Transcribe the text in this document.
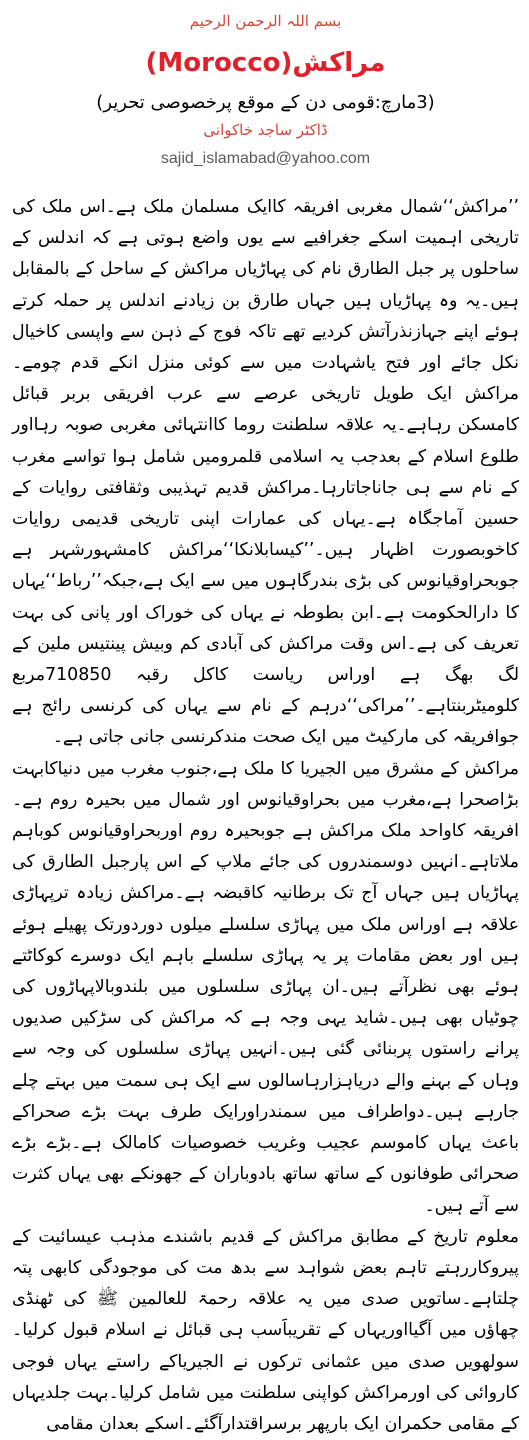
بسم اللہ الرحمن الرحیم
مراکش(Morocco)
(3مارچ:قومی دن کے موقع پرخصوصی تحریر)
ڈاکٹر ساجد خاکوانی
sajid_islamabad@yahoo.com

’’مراکش‘‘شمال مغربی افریقہ کاایک مسلمان ملک ہے۔اس ملک کی تاریخی اہمیت اسکے جغرافیے سے یوں واضع ہوتی ہے کہ اندلس کے ساحلوں پر جبل الطارق نام کی پہاڑیاں مراکش کے ساحل کے بالمقابل ہیں۔یہ وہ پہاڑیاں ہیں جہاں طارق بن زیادنے اندلس پر حملہ کرتے ہوئے اپنے جہازنذرآتش کردیے تھے تاکہ فوج کے ذہن سے واپسی کاخیال نکل جائے اور فتح یاشہادت میں سے کوئی منزل انکے قدم چومے۔مراکش ایک طویل تاریخی عرصے سے عرب افریقی بربر قبائل کامسکن رہاہے۔یہ علاقہ سلطنت روما کاانتہائی مغربی صوبہ رہااور طلوع اسلام کے بعدجب یہ اسلامی قلمرومیں شامل ہوا تواسے مغرب کے نام سے ہی جاناجاتارہا۔مراکش قدیم تہذیبی وثقافتی روایات کے حسین آماجگاہ ہے۔یہاں کی عمارات اپنی تاریخی قدیمی روایات کاخوبصورت اظہار ہیں۔’’کیسابلانکا‘‘مراکش کامشہورشہر ہے جوبحراوقیانوس کی بڑی بندرگاہوں میں سے ایک ہے،جبکہ’’رباط‘‘یہاں کا دارالحکومت ہے۔ابن بطوطہ نے یہاں کی خوراک اور پانی کی بہت تعریف کی ہے۔اس وقت مراکش کی آبادی کم وبیش پینتیس ملین کے لگ بھگ ہے اوراس ریاست کاکل رقبہ 710850مربع کلومیٹربنتاہے۔’’مراکی‘‘درہم کے نام سے یہاں کی کرنسی رائج ہے جوافریقہ کی مارکیٹ میں ایک صحت مندکرنسی جانی جاتی ہے۔

مراکش کے مشرق میں الجیریا کا ملک ہے،جنوب مغرب میں دنیاکابہت بڑاصحرا ہے،مغرب میں بحراوقیانوس اور شمال میں بحیرہ روم ہے۔افریقہ کاواحد ملک مراکش ہے جوبحیرہ روم اوربحراوقیانوس کوباہم ملاتاہے۔انہیں دوسمندروں کی جائے ملاپ کے اس پارجبل الطارق کی پہاڑیاں ہیں جہاں آج تک برطانیہ کاقبضہ ہے۔مراکش زیادہ ترپہاڑی علاقہ ہے اوراس ملک میں پہاڑی سلسلے میلوں دوردورتک پھیلے ہوئے ہیں اور بعض مقامات پر یہ پہاڑی سلسلے باہم ایک دوسرے کوکاٹتے ہوئے بھی نظرآتے ہیں۔ان پہاڑی سلسلوں میں بلندوبالاپہاڑوں کی چوٹیاں بھی ہیں۔شاید یہی وجہ ہے کہ مراکش کی سڑکیں صدیوں پرانے راستوں پربنائی گئی ہیں۔انہیں پہاڑی سلسلوں کی وجہ سے وہاں کے بہنے والے دریاہزارہاسالوں سے ایک ہی سمت میں بہتے چلے جارہے ہیں۔دواطراف میں سمندراورایک طرف بہت بڑے صحراکے باعث یہاں کاموسم عجیب وغریب خصوصیات کامالک ہے۔بڑے بڑے صحرائی طوفانوں کے ساتھ ساتھ بادوباران کے جھونکے بھی یہاں کثرت سے آتے ہیں۔

معلوم تاریخ کے مطابق مراکش کے قدیم باشندے مذہب عیسائیت کے پیروکاررہتے تاہم بعض شواہد سے بدھ مت کی موجودگی کابھی پتہ چلتاہے۔ساتویں صدی میں یہ علاقہ رحمۃ للعالمین ﷺ کی ٹھنڈی چھاؤں میں آگیااوریہاں کے تقریباََسب ہی قبائل نے اسلام قبول کرلیا۔سولھویں صدی میں عثمانی ترکوں نے الجیریاکے راستے یہاں فوجی کاروائی کی اورمراکش کواپنی سلطنت میں شامل کرلیا۔بہت جلدیہاں کے مقامی حکمران ایک بارپھر برسراقتدارآگئے۔اسکے بعدان مقامی
